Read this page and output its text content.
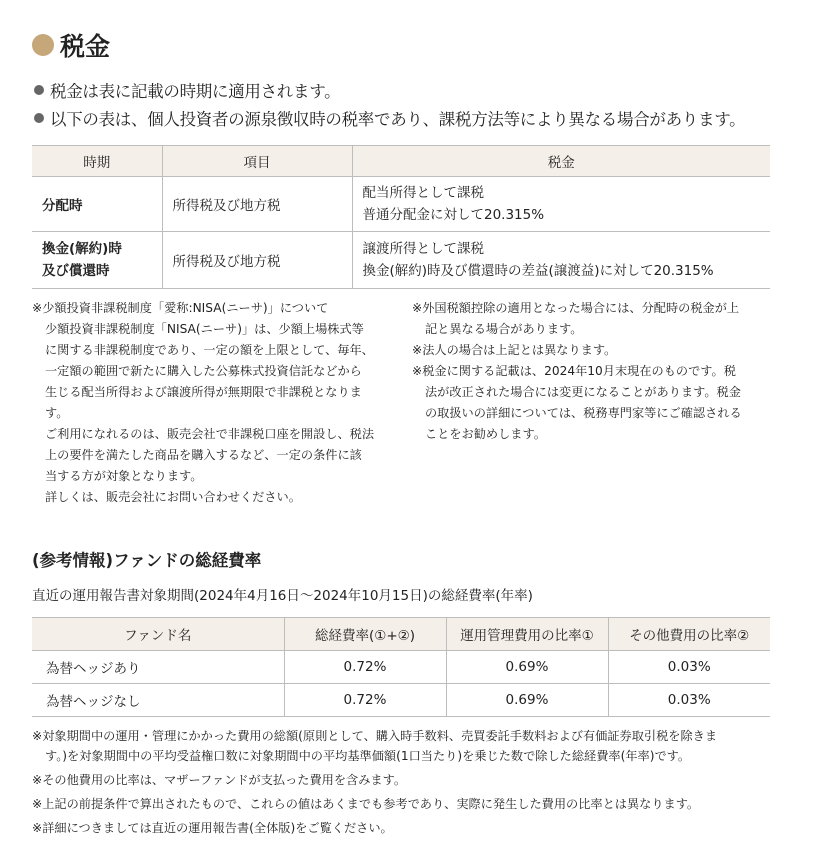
税金
税金は表に記載の時期に適用されます。
以下の表は、個人投資者の源泉徴収時の税率であり、課税方法等により異なる場合があります。
時期	項目	税金
分配時	所得税及び地方税	配当所得として課税
普通分配金に対して20.315%

換金(解約)時
及び償還時	所得税及び地方税	譲渡所得として課税
換金(解約)時及び償還時の差益(譲渡益)に対して20.315%
※少額投資非課税制度「愛称:NISA(ニーサ)」について
少額投資非課税制度「NISA(ニーサ)」は、少額上場株式等
に関する非課税制度であり、一定の額を上限として、毎年、
一定額の範囲で新たに購入した公募株式投資信託などから
生じる配当所得および譲渡所得が無期限で非課税となりま
す。
ご利用になれるのは、販売会社で非課税口座を開設し、税法
上の要件を満たした商品を購入するなど、一定の条件に該
当する方が対象となります。
詳しくは、販売会社にお問い合わせください。
※外国税額控除の適用となった場合には、分配時の税金が上
記と異なる場合があります。
※法人の場合は上記とは異なります。
※税金に関する記載は、2024年10月末現在のものです。税
法が改正された場合には変更になることがあります。税金
の取扱いの詳細については、税務専門家等にご確認される
ことをお勧めします。
(参考情報)ファンドの総経費率
直近の運用報告書対象期間(2024年4月16日～2024年10月15日)の総経費率(年率)
ファンド名	総経費率(①+②)	運用管理費用の比率①	その他費用の比率②
為替ヘッジあり	0.72%	0.69%	0.03%
為替ヘッジなし	0.72%	0.69%	0.03%
※対象期間中の運用・管理にかかった費用の総額(原則として、購入時手数料、売買委託手数料および有価証券取引税を除きま
す。)を対象期間中の平均受益権口数に対象期間中の平均基準価額(1口当たり)を乗じた数で除した総経費率(年率)です。
※その他費用の比率は、マザーファンドが支払った費用を含みます。
※上記の前提条件で算出されたもので、これらの値はあくまでも参考であり、実際に発生した費用の比率とは異なります。
※詳細につきましては直近の運用報告書(全体版)をご覧ください。
